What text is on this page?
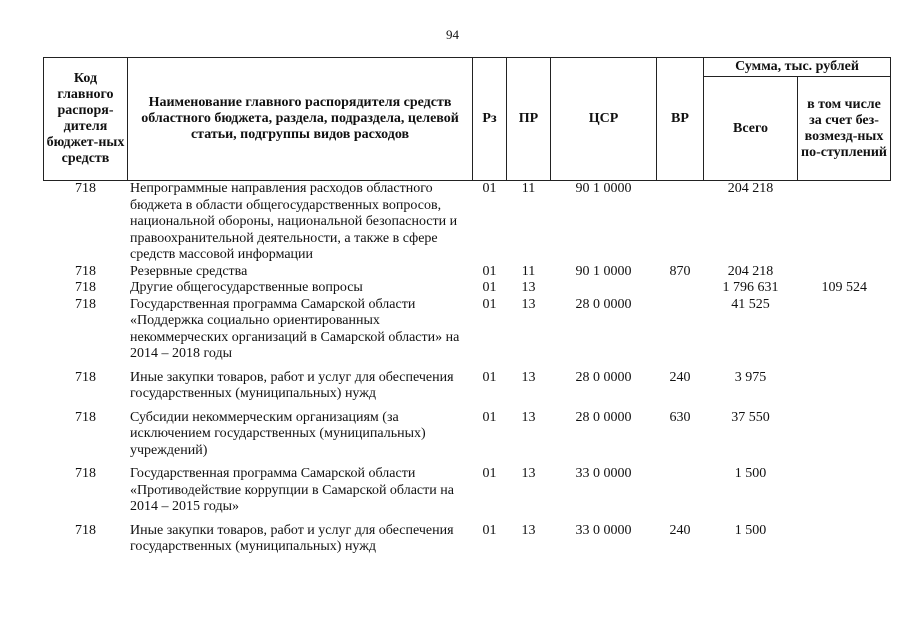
94
Код главного распоря-дителя бюджет-ных средств	Наименование главного распорядителя средств областного бюджета, раздела, подраздела, целевой статьи, подгруппы видов расходов	Рз	ПР	ЦСР	ВР	Сумма, тыс. рублей	
						Всего	в том числе за счет без-возмезд-ных по-ступлений
718	Непрограммные направления расходов областного бюджета в области общегосударственных вопросов, национальной обороны, национальной безопасности и правоохранительной деятельности, а также в сфере средств массовой информации	01	11	90 1 0000		204 218	
718	Резервные средства	01	11	90 1 0000	870	204 218	
718	Другие общегосударственные вопросы	01	13			1 796 631	109 524
718	Государственная программа Самарской области «Поддержка социально ориентированных некоммерческих организаций в Самарской области» на 2014 – 2018 годы	01	13	28 0 0000		41 525	
718	Иные закупки товаров, работ и услуг для обеспечения государственных (муниципальных) нужд	01	13	28 0 0000	240	3 975	
718	Субсидии некоммерческим организациям (за исключением государственных (муниципальных) учреждений)	01	13	28 0 0000	630	37 550	
718	Государственная программа Самарской области «Противодействие коррупции в Самарской области на 2014 – 2015 годы»	01	13	33 0 0000		1 500	
718	Иные закупки товаров, работ и услуг для обеспечения государственных (муниципальных) нужд	01	13	33 0 0000	240	1 500	
